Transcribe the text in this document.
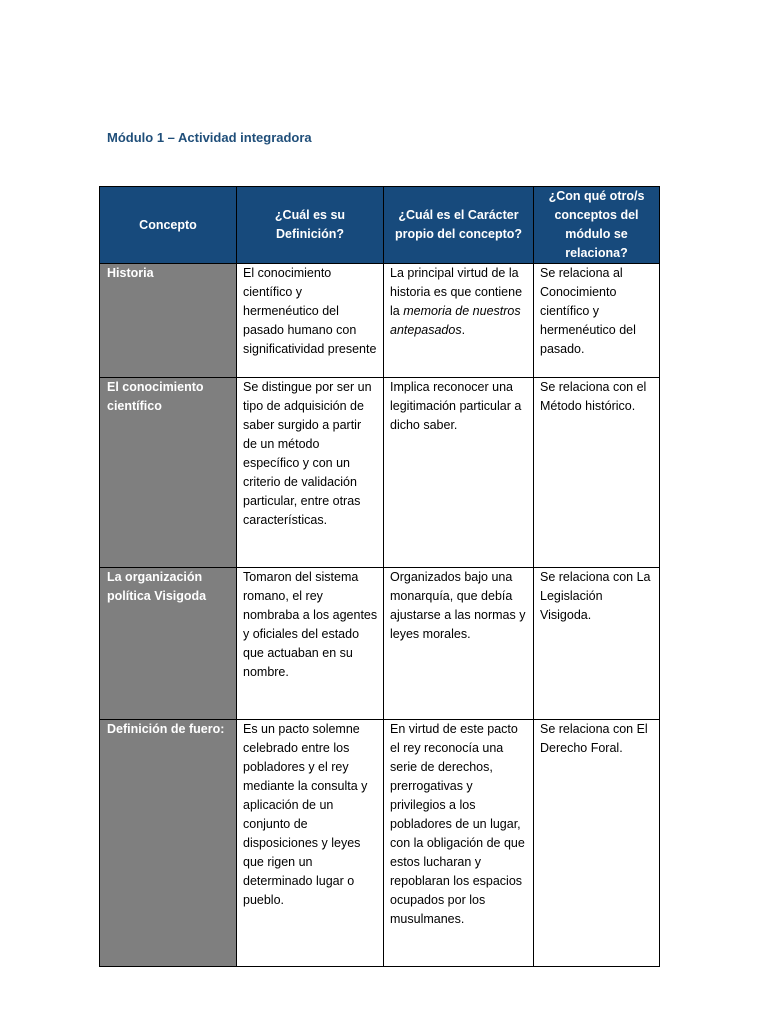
Módulo 1 – Actividad integradora
Concepto	¿Cuál es su Definición?	¿Cuál es el Carácter propio del concepto?	¿Con qué otro/s conceptos del módulo se relaciona?
Historia	El conocimiento científico y hermenéutico del pasado humano con significatividad presente	La principal virtud de la historia es que contiene la memoria de nuestros antepasados.	Se relaciona al Conocimiento científico y hermenéutico del pasado.
El conocimiento científico	Se distingue por ser un tipo de adquisición de saber surgido a partir de un método específico y con un criterio de validación particular, entre otras características.	Implica reconocer una legitimación particular a dicho saber.	Se relaciona con el Método histórico.
La organización política Visigoda	Tomaron del sistema romano, el rey nombraba a los agentes y oficiales del estado que actuaban en su nombre.	Organizados bajo una monarquía, que debía ajustarse a las normas y leyes morales.	Se relaciona con La Legislación Visigoda.
Definición de fuero:	Es un pacto solemne celebrado entre los pobladores y el rey mediante la consulta y aplicación de un conjunto de disposiciones y leyes que rigen un determinado lugar o pueblo.	En virtud de este pacto el rey reconocía una serie de derechos, prerrogativas y privilegios a los pobladores de un lugar, con la obligación de que estos lucharan y repoblaran los espacios ocupados por los musulmanes.	Se relaciona con El Derecho Foral.
